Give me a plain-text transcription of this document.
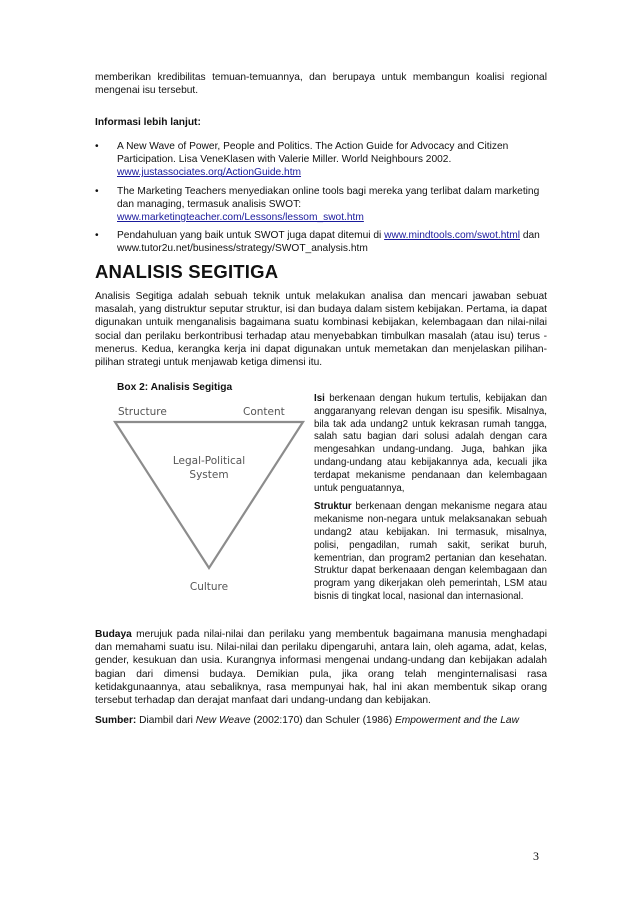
memberikan kredibilitas temuan-temuannya, dan berupaya untuk membangun koalisi regional mengenai isu tersebut.

Informasi lebih lanjut:

• A New Wave of Power, People and Politics. The Action Guide for Advocacy and Citizen Participation. Lisa VeneKlasen with Valerie Miller. World Neighbours 2002.
www.justassociates.org/ActionGuide.htm
• The Marketing Teachers menyediakan online tools bagi mereka yang terlibat dalam marketing dan managing, termasuk analisis SWOT:
www.marketingteacher.com/Lessons/lessom_swot.htm
• Pendahuluan yang baik untuk SWOT juga dapat ditemui di www.mindtools.com/swot.html dan www.tutor2u.net/business/strategy/SWOT_analysis.htm
ANALISIS SEGITIGA

Analisis Segitiga adalah sebuah teknik untuk melakukan analisa dan mencari jawaban sebuat masalah, yang distruktur seputar struktur, isi dan budaya dalam sistem kebijakan. Pertama, ia dapat digunakan untuik menganalisis bagaimana suatu kombinasi kebijakan, kelembagaan dan nilai-nilai social dan perilaku berkontribusi terhadap atau menyebabkan timbulkan masalah (atau isu) terus - menerus. Kedua, kerangka kerja ini dapat digunakan untuk memetakan dan menjelaskan pilihan-pilihan strategi untuk menjawab ketiga dimensi itu.

Box 2: Analisis Segitiga
Structure	Content
Legal-Political
System
Culture

Isi berkenaan dengan hukum tertulis, kebijakan dan anggaranyang relevan dengan isu spesifik. Misalnya, bila tak ada undang2 untuk kekrasan rumah tangga, salah satu bagian dari solusi adalah dengan cara mengesahkan undang-undang. Juga, bahkan jika undang-undang atau kebijakannya ada, kecuali jika terdapat mekanisme pendanaan dan kelembagaan untuk penguatannya,

Struktur berkenaan dengan mekanisme negara atau mekanisme non-negara untuk melaksanakan sebuah undang2 atau kebijakan. Ini termasuk, misalnya, polisi, pengadilan, rumah sakit, serikat buruh, kementrian, dan program2 pertanian dan kesehatan. Struktur dapat berkenaaan dengan kelembagaan dan program yang dikerjakan oleh pemerintah, LSM atau bisnis di tingkat local, nasional dan internasional.

Budaya merujuk pada nilai-nilai dan perilaku yang membentuk bagaimana manusia menghadapi dan memahami suatu isu. Nilai-nilai dan perilaku dipengaruhi, antara lain, oleh agama, adat, kelas, gender, kesukuan dan usia. Kurangnya informasi mengenai undang-undang dan kebijakan adalah bagian dari dimensi budaya. Demikian pula, jika orang telah menginternalisasi rasa ketidakgunaannya, atau sebaliknya, rasa mempunyai hak, hal ini akan membentuk sikap orang tersebut terhadap dan derajat manfaat dari undang-undang dan kebijakan.

Sumber: Diambil dari New Weave (2002:170) dan Schuler (1986) Empowerment and the Law

3
